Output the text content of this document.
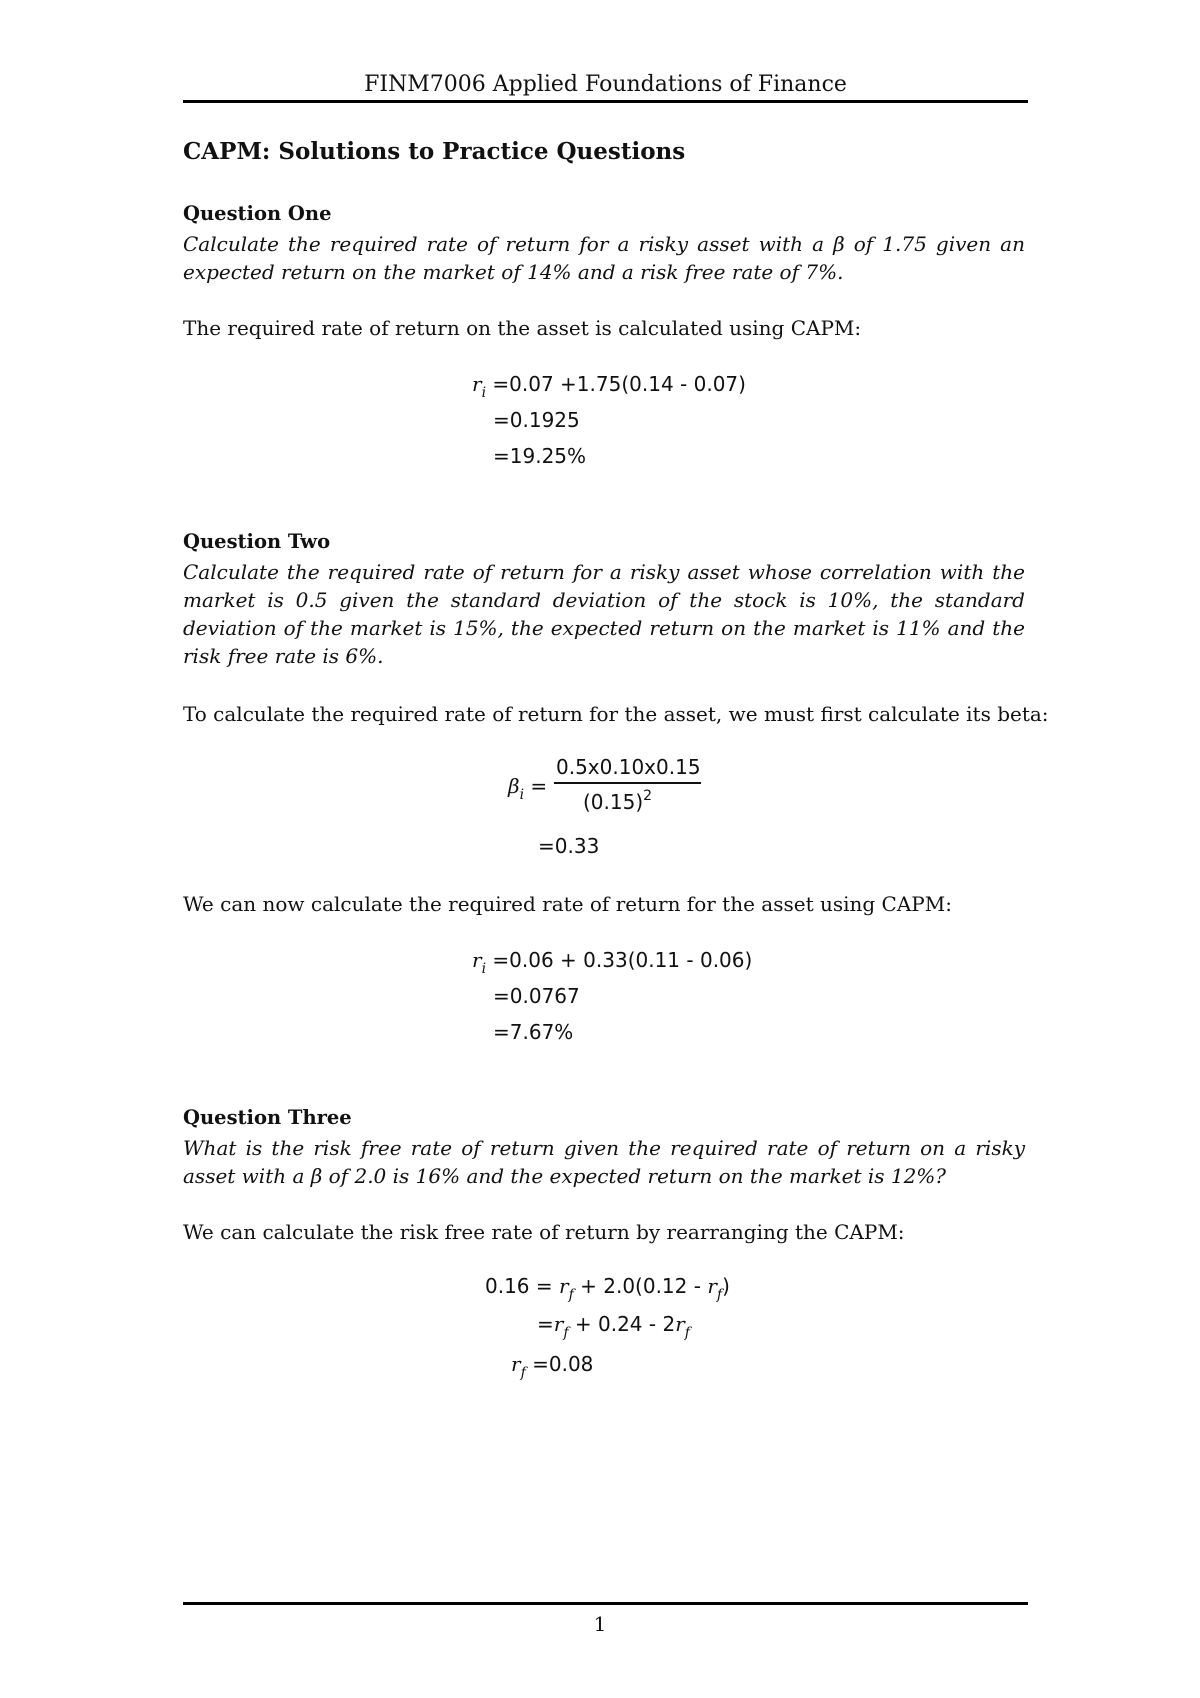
FINM7006 Applied Foundations of Finance
CAPM: Solutions to Practice Questions
Question One
Calculate the required rate of return for a risky asset with a β of 1.75 given an expected return on the market of 14% and a risk free rate of 7%.
The required rate of return on the asset is calculated using CAPM:
$r_i =0.07 +1.75(0.14 - 0.07)$
=0.1925
=19.25%
Question Two
Calculate the required rate of return for a risky asset whose correlation with the market is 0.5 given the standard deviation of the stock is 10%, the standard deviation of the market is 15%, the expected return on the market is 11% and the risk free rate is 6%.
To calculate the required rate of return for the asset, we must first calculate its beta:
$\beta_i$ =
0.5x0.10x0.15
$(0.15)^2$
=0.33
We can now calculate the required rate of return for the asset using CAPM:
$r_i =0.06 + 0.33(0.11 - 0.06)$
=0.0767
=7.67%
Question Three
What is the risk free rate of return given the required rate of return on a risky asset with a β of 2.0 is 16% and the expected return on the market is 12%?
We can calculate the risk free rate of return by rearranging the CAPM:
$0.16 = r_f + 2.0(0.12 - r_f)$
$=r_f + 0.24 - 2r_f$
$r_f =0.08$
1
